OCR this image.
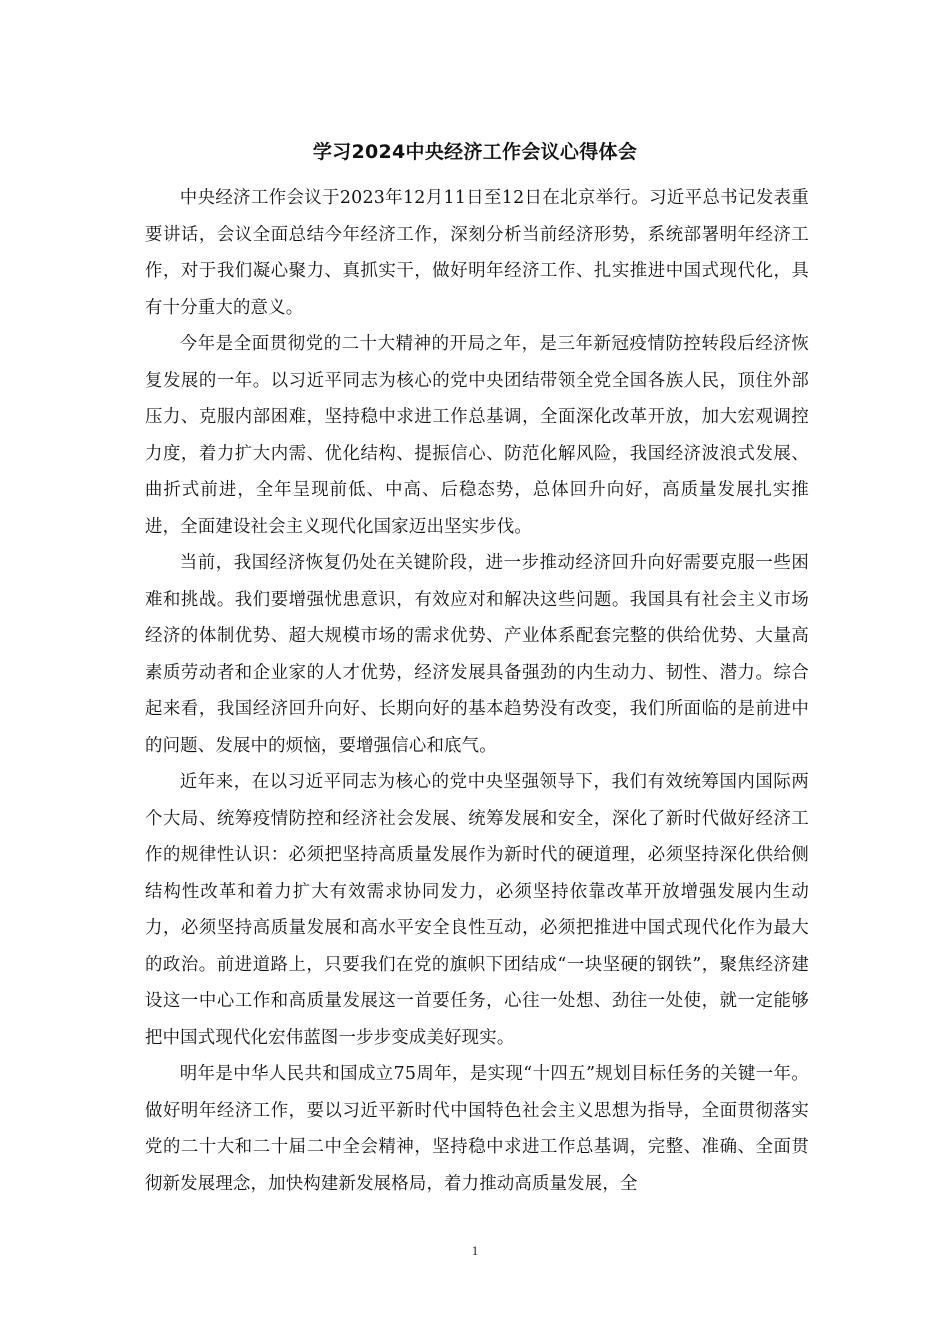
学习2024中央经济工作会议心得体会

中央经济工作会议于2023年12月11日至12日在北京举行。习近平总书记发表重要讲话，会议全面总结今年经济工作，深刻分析当前经济形势，系统部署明年经济工作，对于我们凝心聚力、真抓实干，做好明年经济工作、扎实推进中国式现代化，具有十分重大的意义。

今年是全面贯彻党的二十大精神的开局之年，是三年新冠疫情防控转段后经济恢复发展的一年。以习近平同志为核心的党中央团结带领全党全国各族人民，顶住外部压力、克服内部困难，坚持稳中求进工作总基调，全面深化改革开放，加大宏观调控力度，着力扩大内需、优化结构、提振信心、防范化解风险，我国经济波浪式发展、曲折式前进，全年呈现前低、中高、后稳态势，总体回升向好，高质量发展扎实推进，全面建设社会主义现代化国家迈出坚实步伐。

当前，我国经济恢复仍处在关键阶段，进一步推动经济回升向好需要克服一些困难和挑战。我们要增强忧患意识，有效应对和解决这些问题。我国具有社会主义市场经济的体制优势、超大规模市场的需求优势、产业体系配套完整的供给优势、大量高素质劳动者和企业家的人才优势，经济发展具备强劲的内生动力、韧性、潜力。综合起来看，我国经济回升向好、长期向好的基本趋势没有改变，我们所面临的是前进中的问题、发展中的烦恼，要增强信心和底气。

近年来，在以习近平同志为核心的党中央坚强领导下，我们有效统筹国内国际两个大局、统筹疫情防控和经济社会发展、统筹发展和安全，深化了新时代做好经济工作的规律性认识：必须把坚持高质量发展作为新时代的硬道理，必须坚持深化供给侧结构性改革和着力扩大有效需求协同发力，必须坚持依靠改革开放增强发展内生动力，必须坚持高质量发展和高水平安全良性互动，必须把推进中国式现代化作为最大的政治。前进道路上，只要我们在党的旗帜下团结成“一块坚硬的钢铁”，聚焦经济建设这一中心工作和高质量发展这一首要任务，心往一处想、劲往一处使，就一定能够把中国式现代化宏伟蓝图一步步变成美好现实。

明年是中华人民共和国成立75周年，是实现“十四五”规划目标任务的关键一年。做好明年经济工作，要以习近平新时代中国特色社会主义思想为指导，全面贯彻落实党的二十大和二十届二中全会精神，坚持稳中求进工作总基调，完整、准确、全面贯彻新发展理念，加快构建新发展格局，着力推动高质量发展，全

1
